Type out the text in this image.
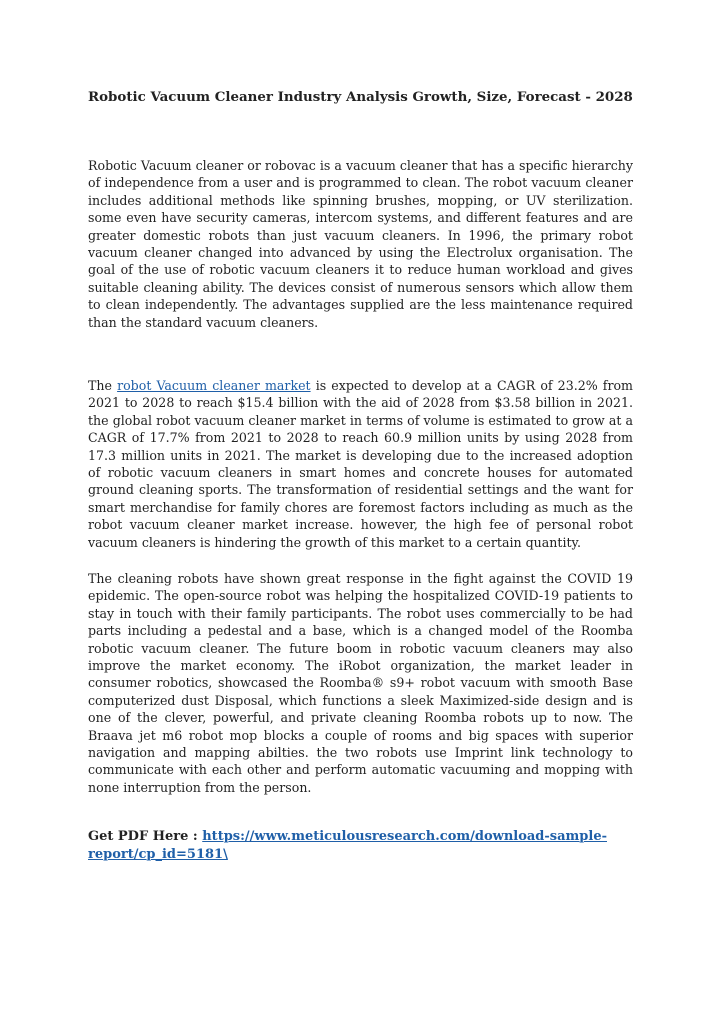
Robotic Vacuum Cleaner Industry Analysis Growth, Size, Forecast - 2028

Robotic Vacuum cleaner or robovac is a vacuum cleaner that has a specific hierarchy of independence from a user and is programmed to clean. The robot vacuum cleaner includes additional methods like spinning brushes, mopping, or UV sterilization. some even have security cameras, intercom systems, and different features and are greater domestic robots than just vacuum cleaners. In 1996, the primary robot vacuum cleaner changed into advanced by using the Electrolux organisation. The goal of the use of robotic vacuum cleaners it to reduce human workload and gives suitable cleaning ability. The devices consist of numerous sensors which allow them to clean independently. The advantages supplied are the less maintenance required than the standard vacuum cleaners.

The robot Vacuum cleaner market is expected to develop at a CAGR of 23.2% from 2021 to 2028 to reach $15.4 billion with the aid of 2028 from $3.58 billion in 2021. the global robot vacuum cleaner market in terms of volume is estimated to grow at a CAGR of 17.7% from 2021 to 2028 to reach 60.9 million units by using 2028 from 17.3 million units in 2021. The market is developing due to the increased adoption of robotic vacuum cleaners in smart homes and concrete houses for automated ground cleaning sports. The transformation of residential settings and the want for smart merchandise for family chores are foremost factors including as much as the robot vacuum cleaner market increase. however, the high fee of personal robot vacuum cleaners is hindering the growth of this market to a certain quantity.

The cleaning robots have shown great response in the fight against the COVID 19 epidemic. The open-source robot was helping the hospitalized COVID-19 patients to stay in touch with their family participants. The robot uses commercially to be had parts including a pedestal and a base, which is a changed model of the Roomba robotic vacuum cleaner. The future boom in robotic vacuum cleaners may also improve the market economy. The iRobot organization, the market leader in consumer robotics, showcased the Roomba® s9+ robot vacuum with smooth Base computerized dust Disposal, which functions a sleek Maximized-side design and is one of the clever, powerful, and private cleaning Roomba robots up to now. The Braava jet m6 robot mop blocks a couple of rooms and big spaces with superior navigation and mapping abilties. the two robots use Imprint link technology to communicate with each other and perform automatic vacuuming and mopping with none interruption from the person.

Get PDF Here : https://www.meticulousresearch.com/download-sample-report/cp_id=5181\
